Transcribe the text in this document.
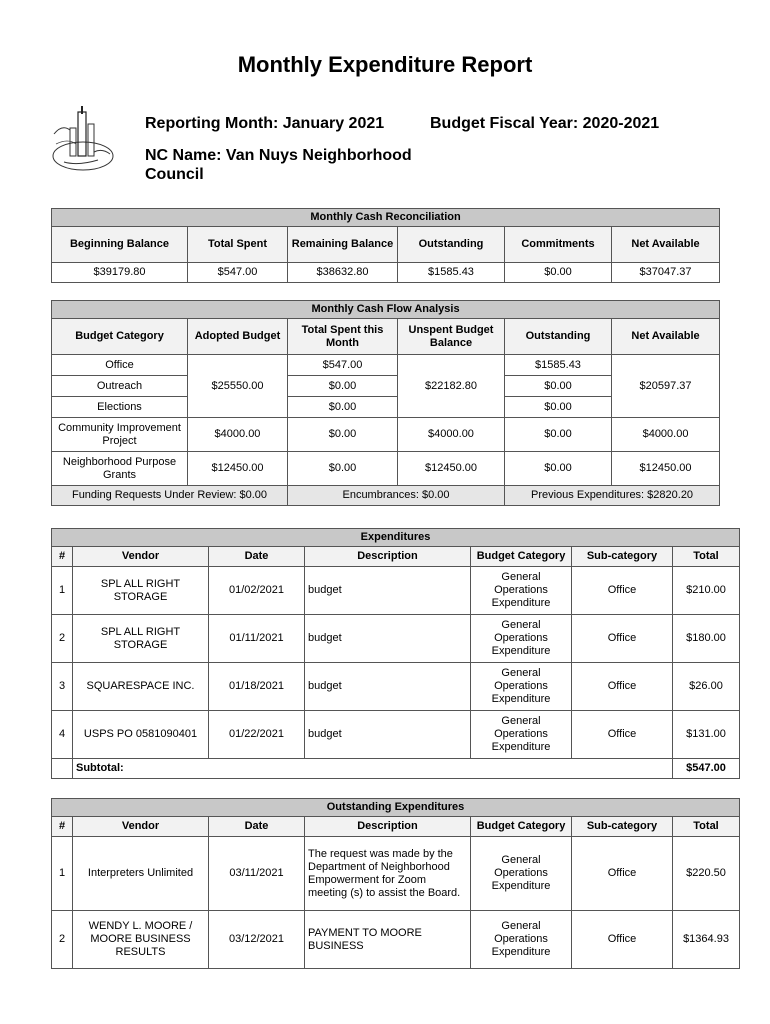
Monthly Expenditure Report
Reporting Month: January 2021	Budget Fiscal Year: 2020-2021
NC Name: Van Nuys Neighborhood Council
Monthly Cash Reconciliation					
Beginning Balance	Total Spent	Remaining Balance	Outstanding	Commitments	Net Available
$39179.80	$547.00	$38632.80	$1585.43	$0.00	$37047.37
Monthly Cash Flow Analysis					
Budget Category	Adopted Budget	Total Spent this Month	Unspent Budget Balance	Outstanding	Net Available
Office	$25550.00	$547.00	$22182.80	$1585.43	$20597.37
Outreach		$0.00		$0.00	
Elections		$0.00		$0.00	
Community Improvement Project	$4000.00	$0.00	$4000.00	$0.00	$4000.00
Neighborhood Purpose Grants	$12450.00	$0.00	$12450.00	$0.00	$12450.00
Funding Requests Under Review: $0.00		Encumbrances: $0.00		Previous Expenditures: $2820.20	
Expenditures						
#	Vendor	Date	Description	Budget Category	Sub-category	Total
1	SPL ALL RIGHT STORAGE	01/02/2021	budget	General Operations Expenditure	Office	$210.00
2	SPL ALL RIGHT STORAGE	01/11/2021	budget	General Operations Expenditure	Office	$180.00
3	SQUARESPACE INC.	01/18/2021	budget	General Operations Expenditure	Office	$26.00
4	USPS PO 0581090401	01/22/2021	budget	General Operations Expenditure	Office	$131.00
	Subtotal:					$547.00
Outstanding Expenditures						
#	Vendor	Date	Description	Budget Category	Sub-category	Total
1	Interpreters Unlimited	03/11/2021	The request was made by the Department of Neighborhood Empowerment for Zoom meeting (s) to assist the Board.	General Operations Expenditure	Office	$220.50
2	WENDY L. MOORE / MOORE BUSINESS RESULTS	03/12/2021	PAYMENT TO MOORE BUSINESS	General Operations Expenditure	Office	$1364.93
